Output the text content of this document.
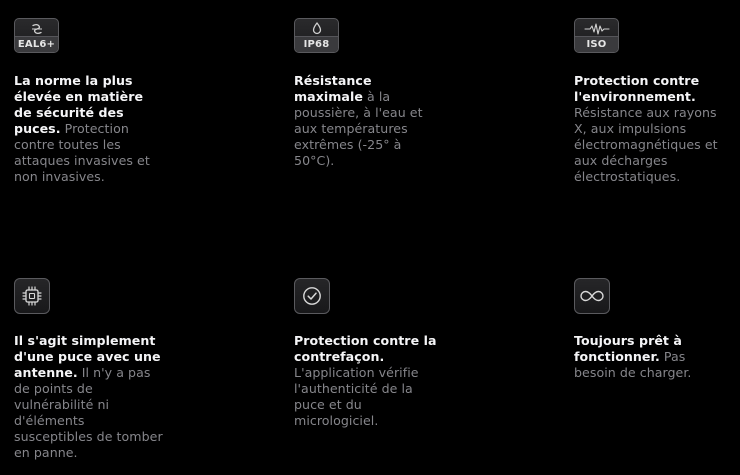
EAL6+
La norme la plus élevée en matière de sécurité des puces. Protection contre toutes les attaques invasives et non invasives.
IP68
Résistance maximale à la poussière, à l'eau et aux températures extrêmes (-25° à 50°C).
ISO
Protection contre l'environnement. Résistance aux rayons X, aux impulsions électromagnétiques et aux décharges électrostatiques.
Il s'agit simplement d'une puce avec une antenne. Il n'y a pas de points de vulnérabilité ni d'éléments susceptibles de tomber en panne.
Protection contre la contrefaçon. L'application vérifie l'authenticité de la puce et du micrologiciel.
Toujours prêt à fonctionner. Pas besoin de charger.
